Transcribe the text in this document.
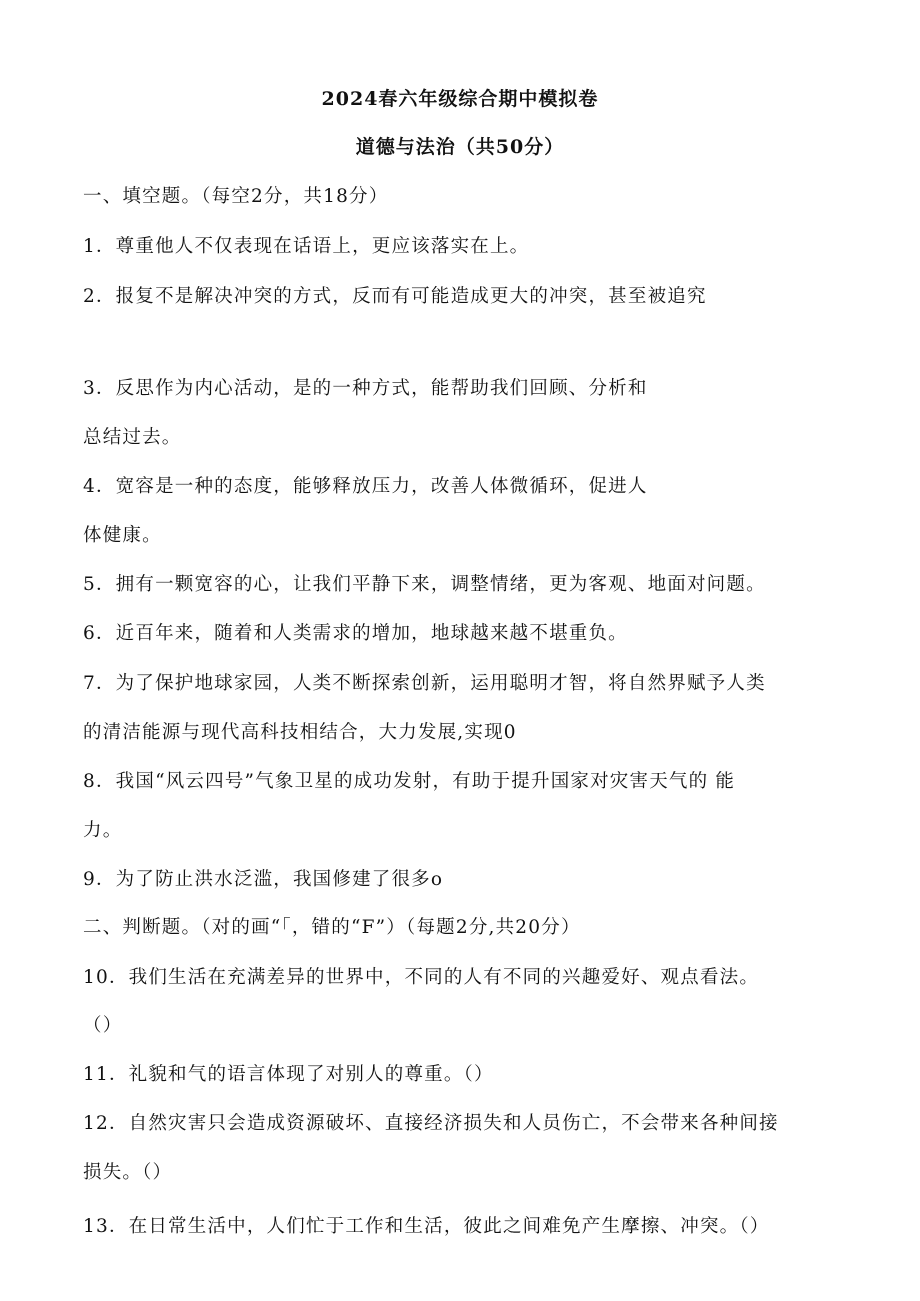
2024春六年级综合期中模拟卷
道德与法治（共50分）
一、填空题。（每空2分，共18分）
1．尊重他人不仅表现在话语上，更应该落实在上。
2．报复不是解决冲突的方式，反而有可能造成更大的冲突，甚至被追究
3．反思作为内心活动，是的一种方式，能帮助我们回顾、分析和
总结过去。
4．宽容是一种的态度，能够释放压力，改善人体微循环，促进人
体健康。
5．拥有一颗宽容的心，让我们平静下来，调整情绪，更为客观、地面对问题。
6．近百年来，随着和人类需求的增加，地球越来越不堪重负。
7．为了保护地球家园，人类不断探索创新，运用聪明才智，将自然界赋予人类
的清洁能源与现代高科技相结合，大力发展,实现0
8．我国“风云四号”气象卫星的成功发射，有助于提升国家对灾害天气的 能
力。
9．为了防止洪水泛滥，我国修建了很多o
二、判断题。（对的画“「，错的“F”）（每题2分,共20分）
10．我们生活在充满差异的世界中，不同的人有不同的兴趣爱好、观点看法。
（）
11．礼貌和气的语言体现了对别人的尊重。（）
12．自然灾害只会造成资源破坏、直接经济损失和人员伤亡，不会带来各种间接
损失。（）
13．在日常生活中，人们忙于工作和生活，彼此之间难免产生摩擦、冲突。（）
